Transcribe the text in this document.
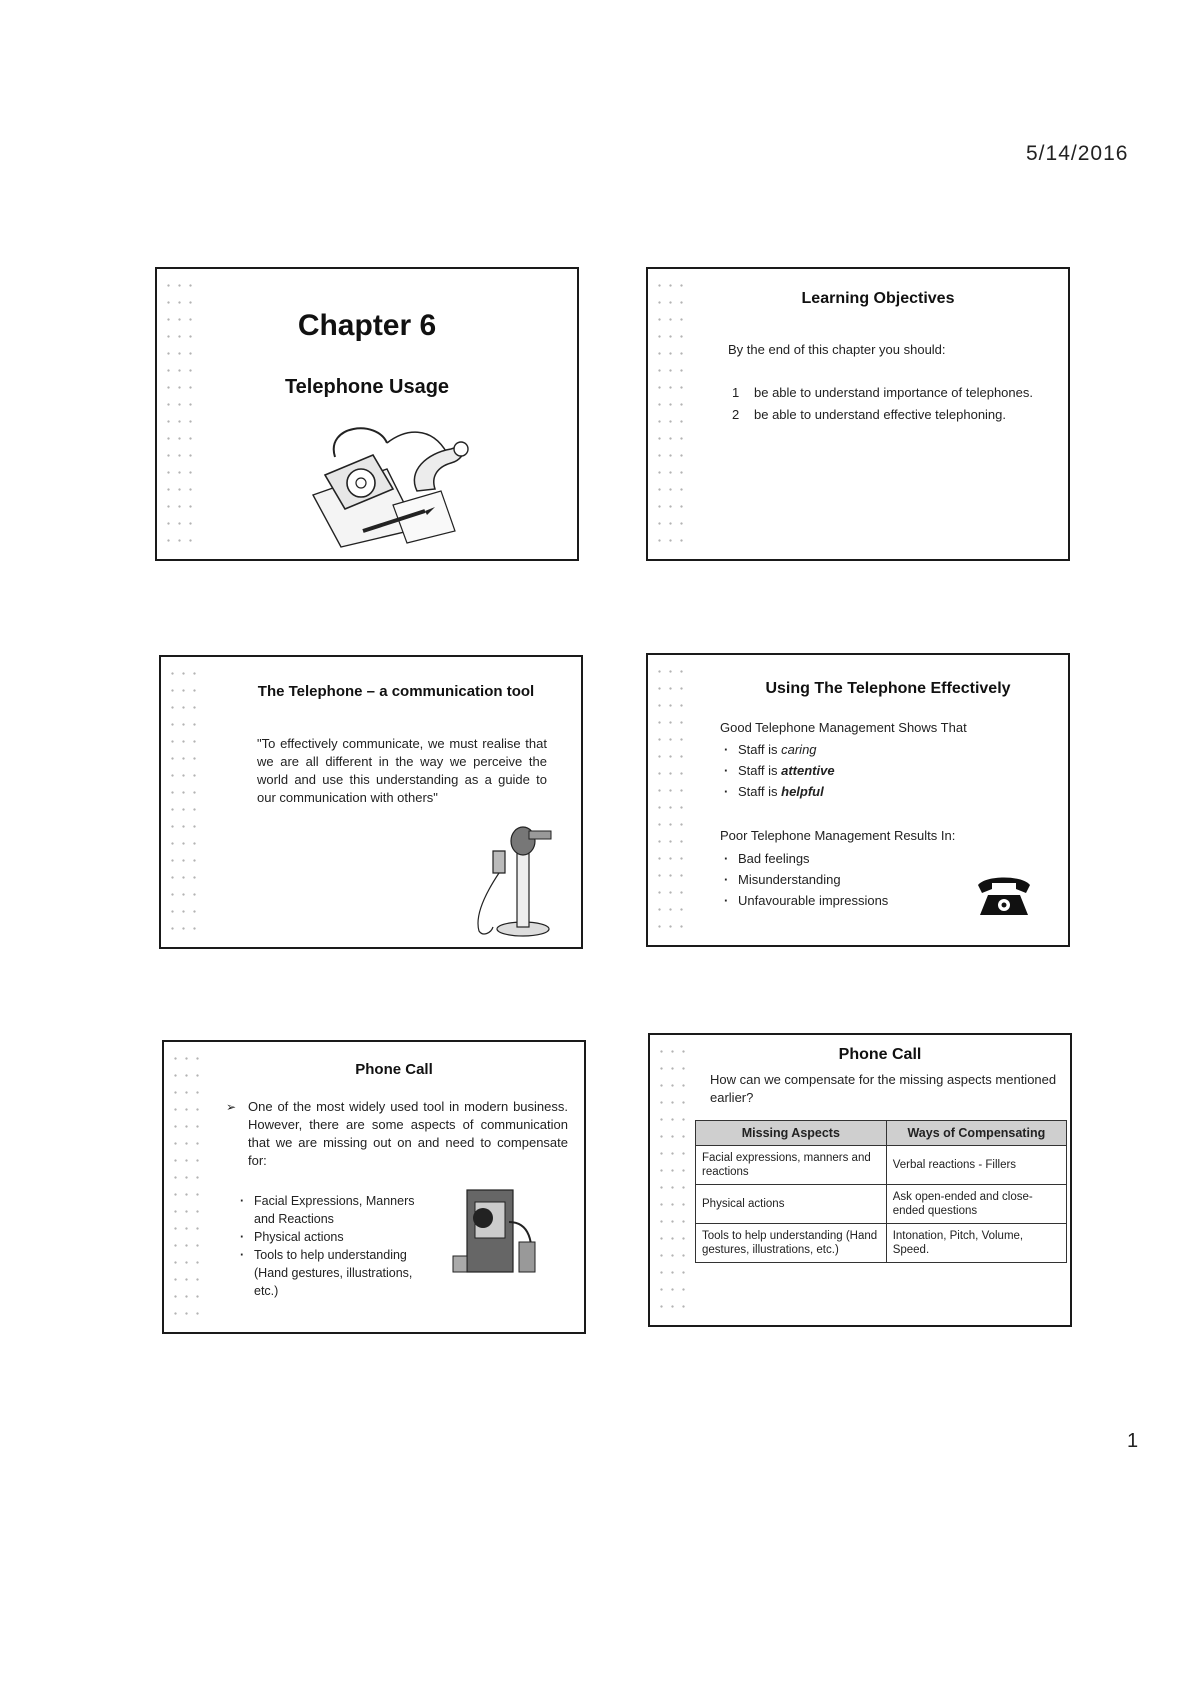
5/14/2016
Chapter 6
Telephone Usage
Learning Objectives
By the end of this chapter you should:
1 be able to understand importance of telephones.
2 be able to understand effective telephoning.
The Telephone – a communication tool
"To effectively communicate, we must realise that we are all different in the way we perceive the world and use this understanding as a guide to our communication with others"
Using The Telephone Effectively
Good Telephone Management Shows That
· Staff is caring
· Staff is attentive
· Staff is helpful
Poor Telephone Management Results In:
· Bad feelings
· Misunderstanding
· Unfavourable impressions
Phone Call
➢ One of the most widely used tool in modern business. However, there are some aspects of communication that we are missing out on and need to compensate for:
· Facial Expressions, Manners and Reactions
· Physical actions
· Tools to help understanding (Hand gestures, illustrations, etc.)
Phone Call
How can we compensate for the missing aspects mentioned earlier?
Missing Aspects	Ways of Compensating
Facial expressions, manners and reactions	Verbal reactions - Fillers
Physical actions	Ask open-ended and close-ended questions
Tools to help understanding (Hand gestures, illustrations, etc.)	Intonation, Pitch, Volume, Speed.
1
